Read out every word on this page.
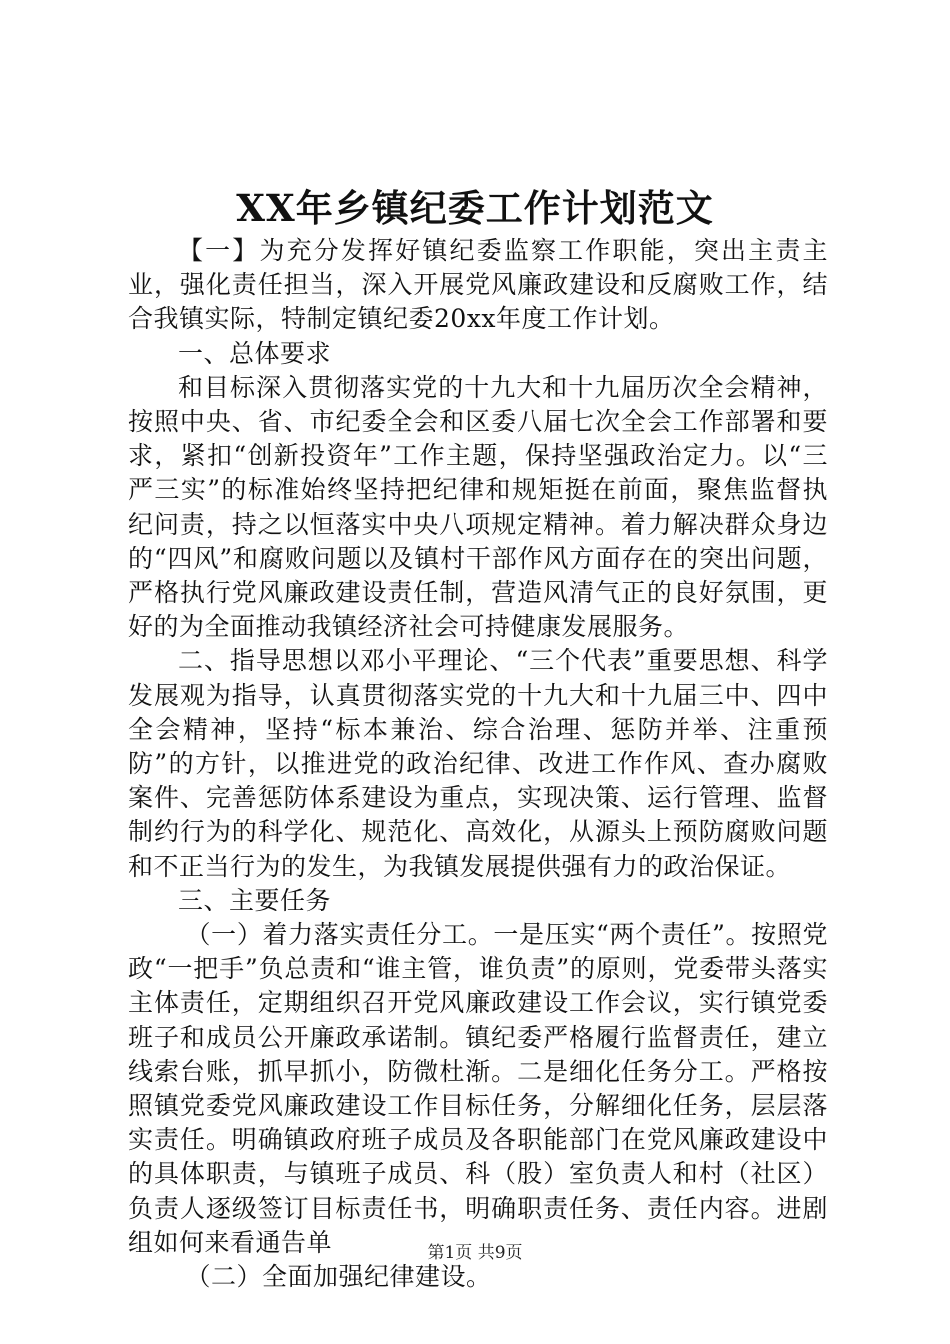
XX年乡镇纪委工作计划范文

【一】为充分发挥好镇纪委监察工作职能，突出主责主业，强化责任担当，深入开展党风廉政建设和反腐败工作，结合我镇实际，特制定镇纪委20xx年度工作计划。

一、总体要求

和目标深入贯彻落实党的十九大和十九届历次全会精神，按照中央、省、市纪委全会和区委八届七次全会工作部署和要求，紧扣“创新投资年”工作主题，保持坚强政治定力。以“三严三实”的标准始终坚持把纪律和规矩挺在前面，聚焦监督执纪问责，持之以恒落实中央八项规定精神。着力解决群众身边的“四风”和腐败问题以及镇村干部作风方面存在的突出问题，严格执行党风廉政建设责任制，营造风清气正的良好氛围，更好的为全面推动我镇经济社会可持健康发展服务。

二、指导思想以邓小平理论、“三个代表”重要思想、科学发展观为指导，认真贯彻落实党的十九大和十九届三中、四中全会精神，坚持“标本兼治、综合治理、惩防并举、注重预防”的方针，以推进党的政治纪律、改进工作作风、查办腐败案件、完善惩防体系建设为重点，实现决策、运行管理、监督制约行为的科学化、规范化、高效化，从源头上预防腐败问题和不正当行为的发生，为我镇发展提供强有力的政治保证。

三、主要任务

（一）着力落实责任分工。一是压实“两个责任”。按照党政“一把手”负总责和“谁主管，谁负责”的原则，党委带头落实主体责任，定期组织召开党风廉政建设工作会议，实行镇党委班子和成员公开廉政承诺制。镇纪委严格履行监督责任，建立线索台账，抓早抓小，防微杜渐。二是细化任务分工。严格按照镇党委党风廉政建设工作目标任务，分解细化任务，层层落实责任。明确镇政府班子成员及各职能部门在党风廉政建设中的具体职责，与镇班子成员、科（股）室负责人和村（社区）负责人逐级签订目标责任书，明确职责任务、责任内容。进剧组如何来看通告单

（二）全面加强纪律建设。

第1页 共9页
